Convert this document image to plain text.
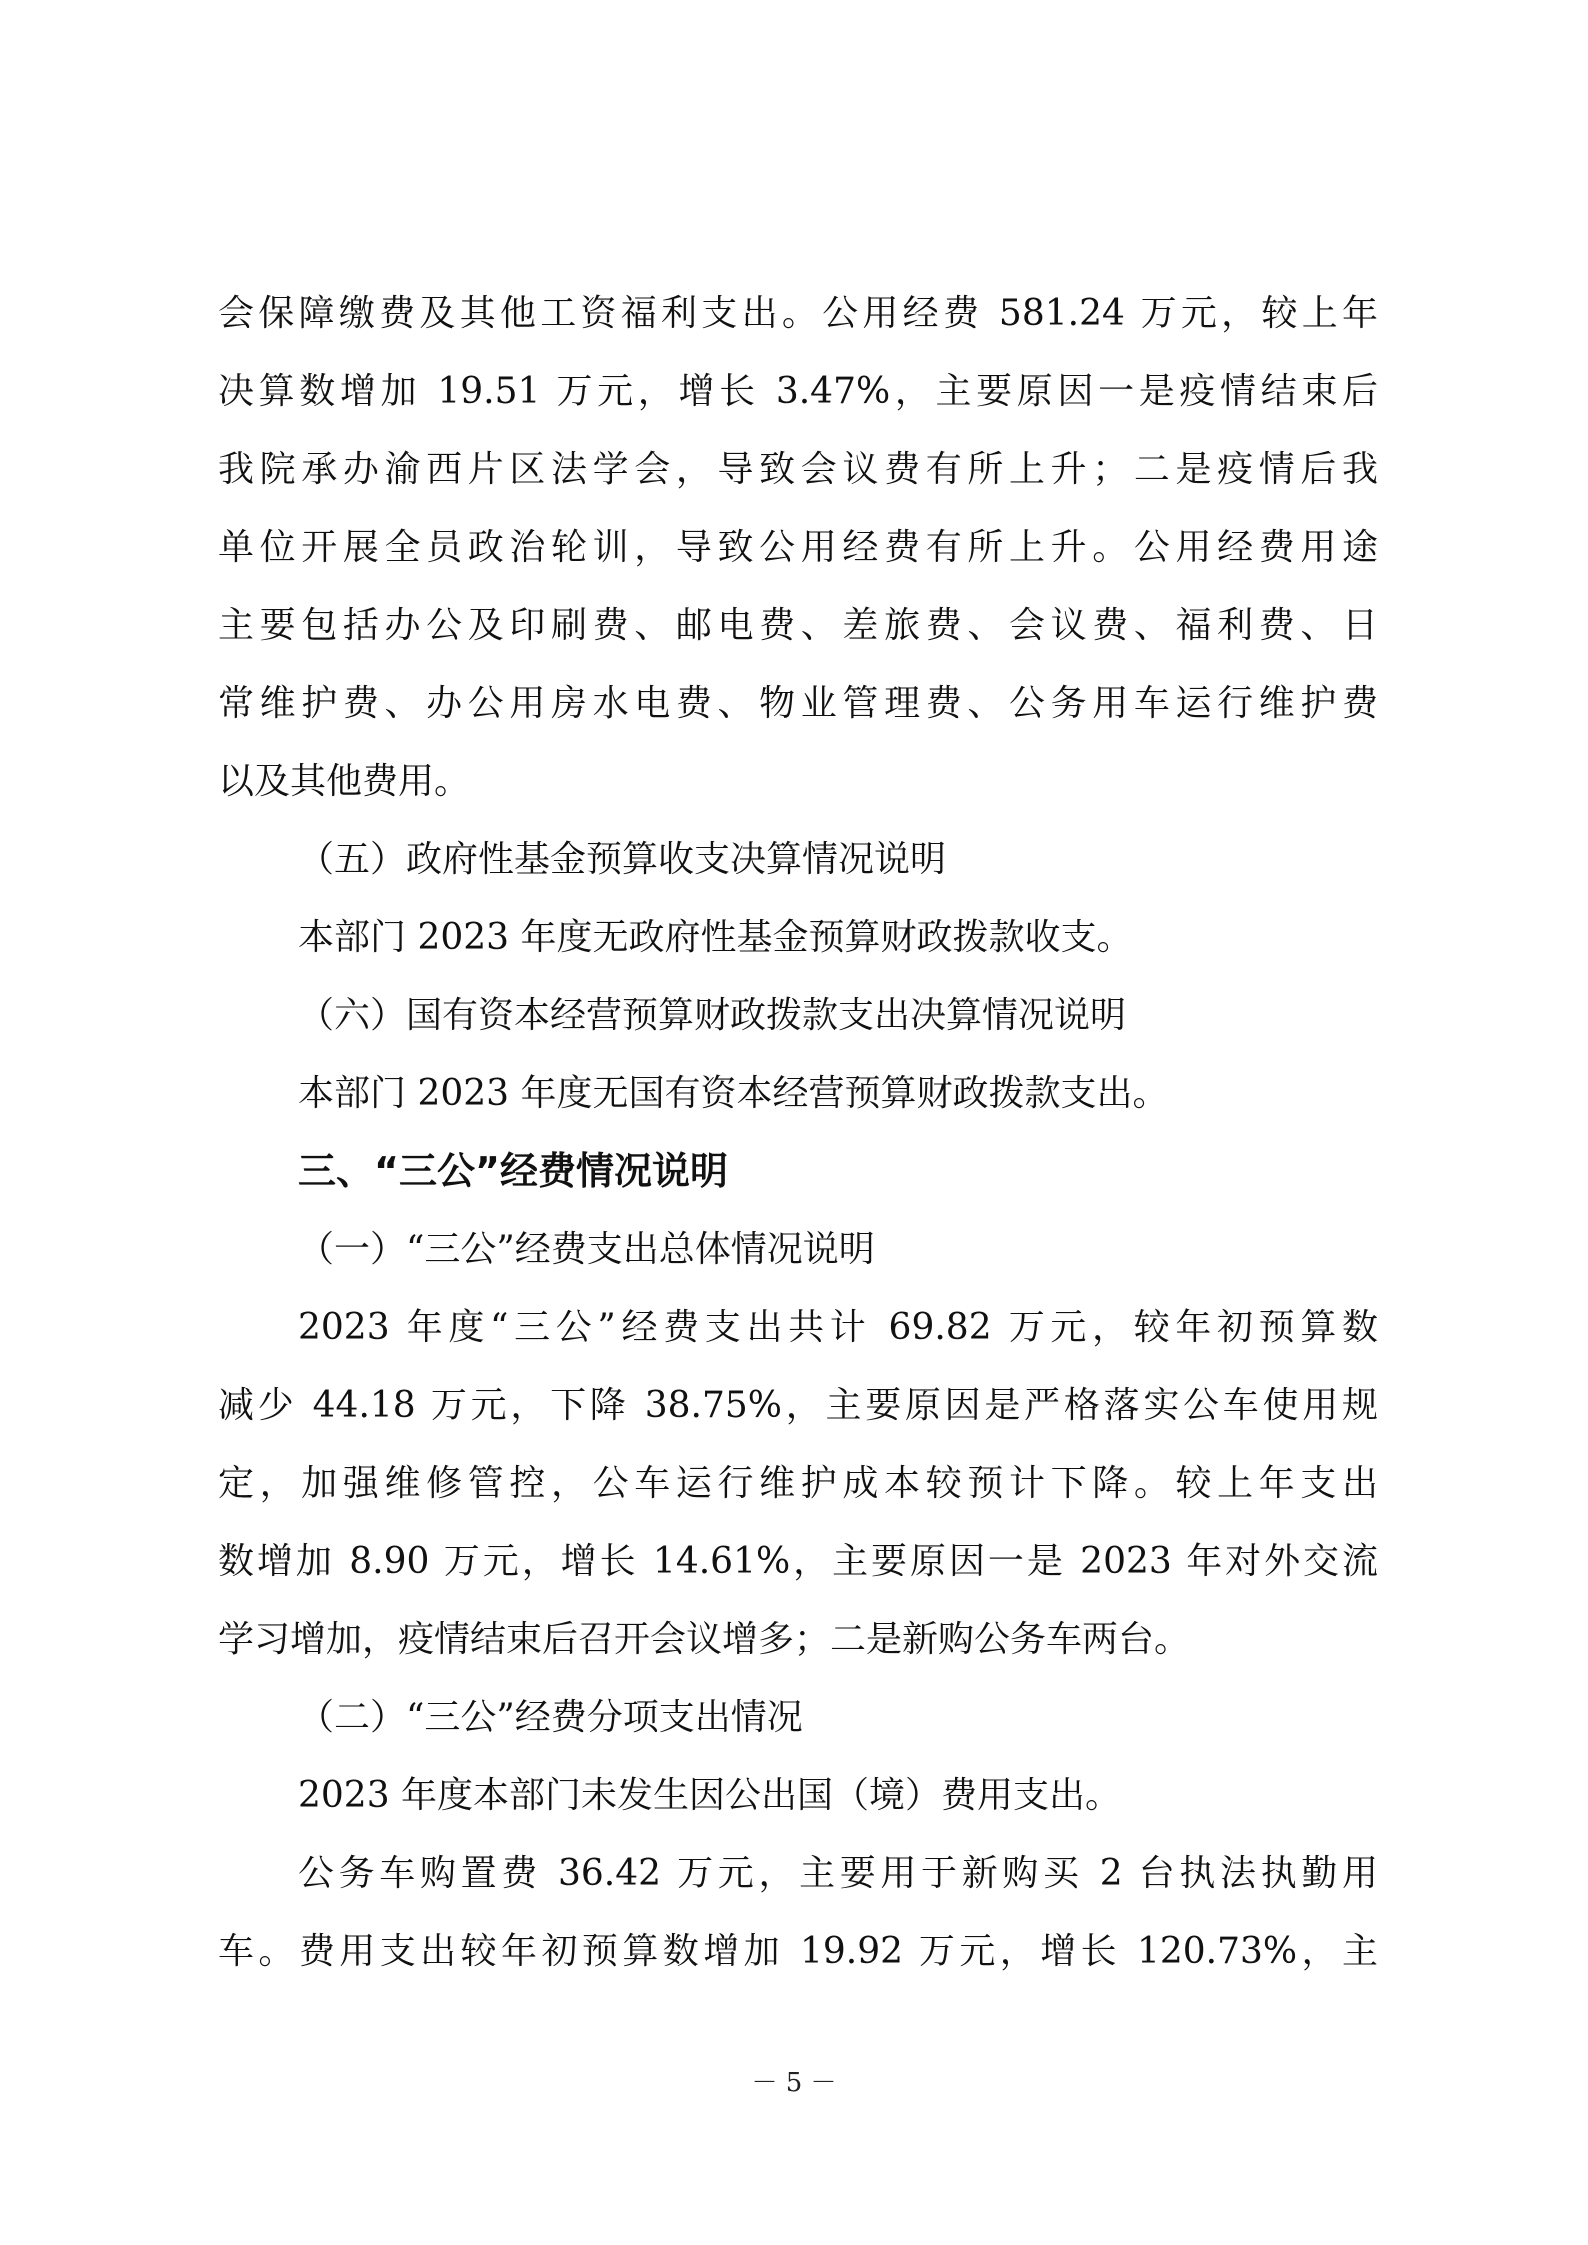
会保障缴费及其他工资福利支出。公用经费 581.24 万元，较上年
决算数增加 19.51 万元，增长 3.47%，主要原因一是疫情结束后
我院承办渝西片区法学会，导致会议费有所上升；二是疫情后我
单位开展全员政治轮训，导致公用经费有所上升。公用经费用途
主要包括办公及印刷费、邮电费、差旅费、会议费、福利费、日
常维护费、办公用房水电费、物业管理费、公务用车运行维护费
以及其他费用。
（五）政府性基金预算收支决算情况说明
本部门 2023 年度无政府性基金预算财政拨款收支。
（六）国有资本经营预算财政拨款支出决算情况说明
本部门 2023 年度无国有资本经营预算财政拨款支出。
三、“三公”经费情况说明
（一）“三公”经费支出总体情况说明
2023 年度“三公”经费支出共计 69.82 万元，较年初预算数
减少 44.18 万元，下降 38.75%，主要原因是严格落实公车使用规
定，加强维修管控，公车运行维护成本较预计下降。较上年支出
数增加 8.90 万元，增长 14.61%，主要原因一是 2023 年对外交流
学习增加，疫情结束后召开会议增多；二是新购公务车两台。
（二）“三公”经费分项支出情况
2023 年度本部门未发生因公出国（境）费用支出。
公务车购置费 36.42 万元，主要用于新购买 2 台执法执勤用
车。费用支出较年初预算数增加 19.92 万元，增长 120.73%，主
－ 5 －
